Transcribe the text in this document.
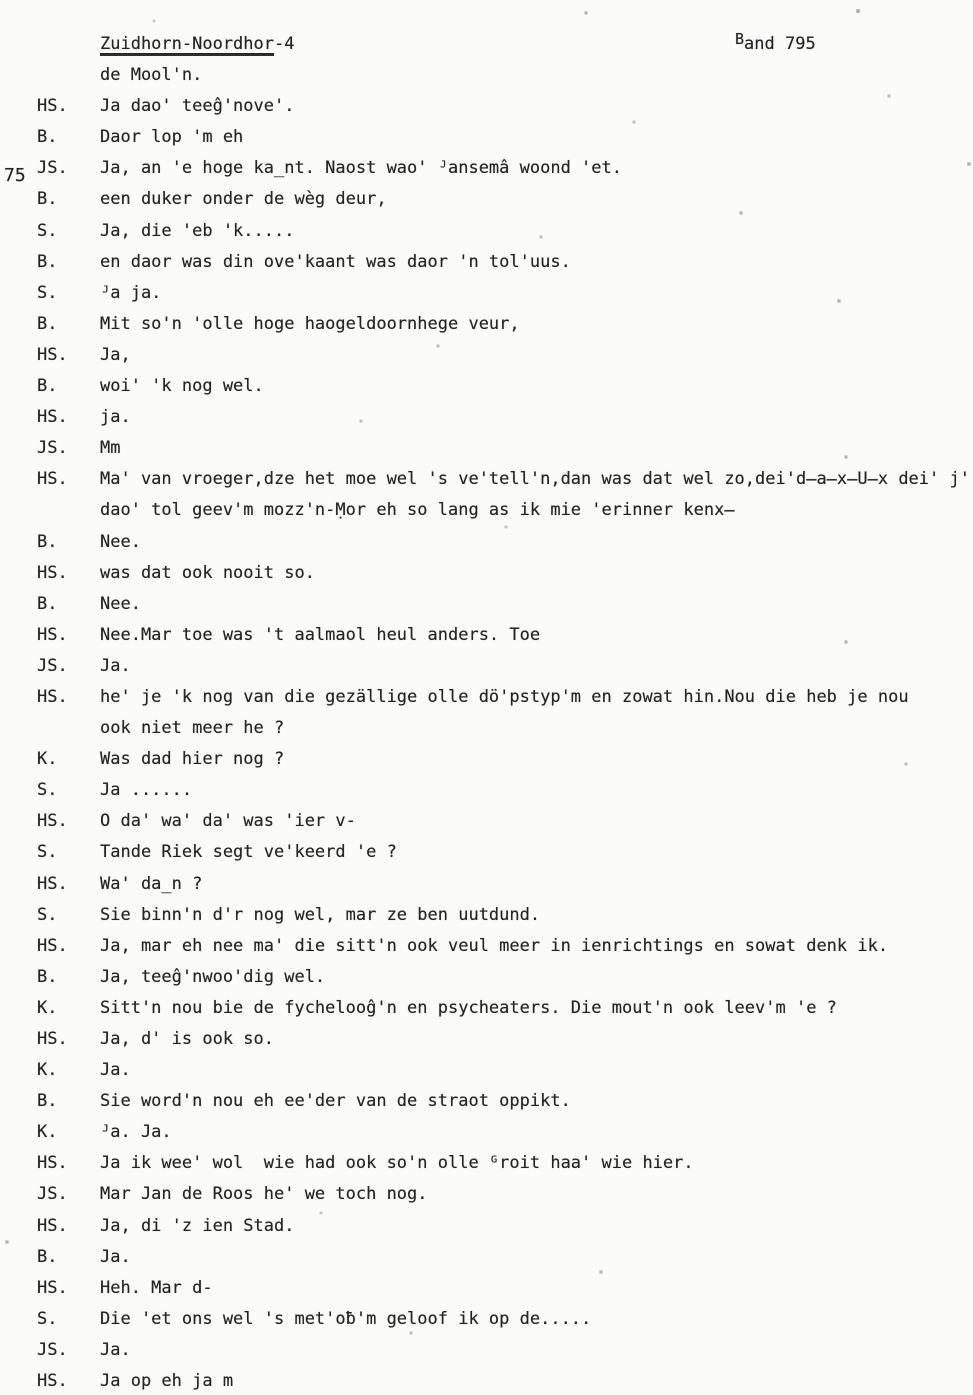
75
Zuidhorn-Noordhor-4	Band 795
de Mool'n.
HS.	Ja dao' teeĝ'nove'.
B.	Daor lop 'm eh
JS.	Ja, an 'e hoge ka̲nt. Naost wao' ᴶansemâ woond 'et.
B.	een duker onder de wèg deur,
S.	Ja, die 'eb 'k.....
B.	en daor was din ove'kaant was daor 'n tol'uus.
S.	ᴶa ja.
B.	Mit so'n 'olle hoge haogeldoornhege veur,
HS.	Ja,
B.	woi' 'k nog wel.
HS.	ja.
JS.	Mm
HS.	Ma' van vroeger,dze het moe wel 's ve'tell'n,dan was dat wel zo,dei'd̶a̶x̶U̶x dei' j'
dao' tol geev'm mozz'n-̣Mor eh so lang as ik mie 'erinner kenx̶
B.	Nee.
HS.	was dat ook nooit so.
B.	Nee.
HS.	Nee.Mar toe was 't aalmaol heul anders. Toe
JS.	Ja.
HS.	he' je 'k nog van die gezällige olle dö'pstyp'm en zowat hin.Nou die heb je nou
ook niet meer he ?
K.	Was dad hier nog ?
S.	Ja ......
HS.	O da' wa' da' was 'ier v-
S.	Tande Riek segt ve'keerd 'e ?
HS.	Wa' da̲n ?
S.	Sie binn'n d'r nog wel, mar ze ben uutdund.
HS.	Ja, mar eh nee ma' die sitt'n ook veul meer in ienrichtings en sowat denk ik.
B.	Ja, teeĝ'nwoo'dig wel.
K.	Sitt'n nou bie de fychelooĝ'n en psycheaters. Die mout'n ook leev'm 'e ?
HS.	Ja, d' is ook so.
K.	Ja.
B.	Sie word'n nou eh ee'der van de straot oppikt.
K.	ᴶa. Ja.
HS.	Ja ik wee' wol  wie had ook so'n olle ᴳroit haa' wie hier.
JS.	Mar Jan de Roos he' we toch nog.
HS.	Ja, di 'z ien Stad.
B.	Ja.
HS.	Heh. Mar d-
S.	Die 'et ons wel 's met'oƀ'm geloof ik op de.....
JS.	Ja.
HS.	Ja op eh ja m
